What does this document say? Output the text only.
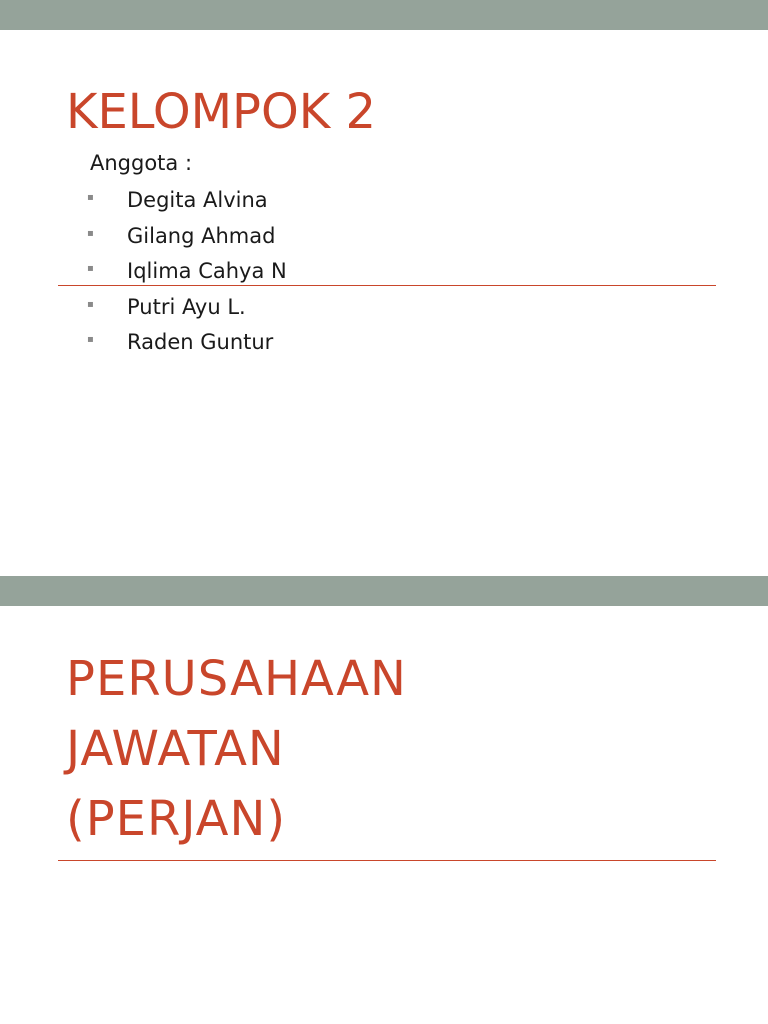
KELOMPOK 2

Anggota :

▪	Degita Alvina
▪	Gilang Ahmad
▪	Iqlima Cahya N
▪	Putri Ayu L.
▪	Raden Guntur
PERUSAHAAN
JAWATAN
(PERJAN)
